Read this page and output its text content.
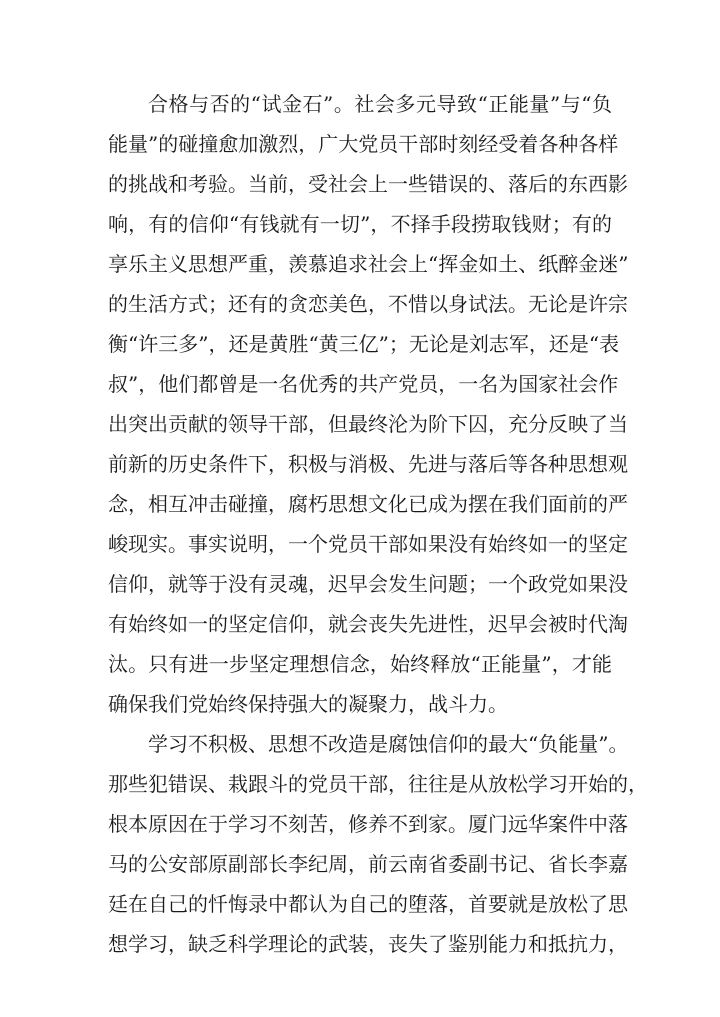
合格与否的“试金石”。社会多元导致“正能量”与“负
能量”的碰撞愈加激烈，广大党员干部时刻经受着各种各样
的挑战和考验。当前，受社会上一些错误的、落后的东西影
响，有的信仰“有钱就有一切”，不择手段捞取钱财；有的
享乐主义思想严重，羡慕追求社会上“挥金如土、纸醉金迷”
的生活方式；还有的贪恋美色，不惜以身试法。无论是许宗
衡“许三多”，还是黄胜“黄三亿”；无论是刘志军，还是“表
叔”，他们都曾是一名优秀的共产党员，一名为国家社会作
出突出贡献的领导干部，但最终沦为阶下囚，充分反映了当
前新的历史条件下，积极与消极、先进与落后等各种思想观
念，相互冲击碰撞，腐朽思想文化已成为摆在我们面前的严
峻现实。事实说明，一个党员干部如果没有始终如一的坚定
信仰，就等于没有灵魂，迟早会发生问题；一个政党如果没
有始终如一的坚定信仰，就会丧失先进性，迟早会被时代淘
汰。只有进一步坚定理想信念，始终释放“正能量”，才能
确保我们党始终保持强大的凝聚力，战斗力。
学习不积极、思想不改造是腐蚀信仰的最大“负能量”。
那些犯错误、栽跟斗的党员干部，往往是从放松学习开始的，
根本原因在于学习不刻苦，修养不到家。厦门远华案件中落
马的公安部原副部长李纪周，前云南省委副书记、省长李嘉
廷在自己的忏悔录中都认为自己的堕落，首要就是放松了思
想学习，缺乏科学理论的武装，丧失了鉴别能力和抵抗力，
